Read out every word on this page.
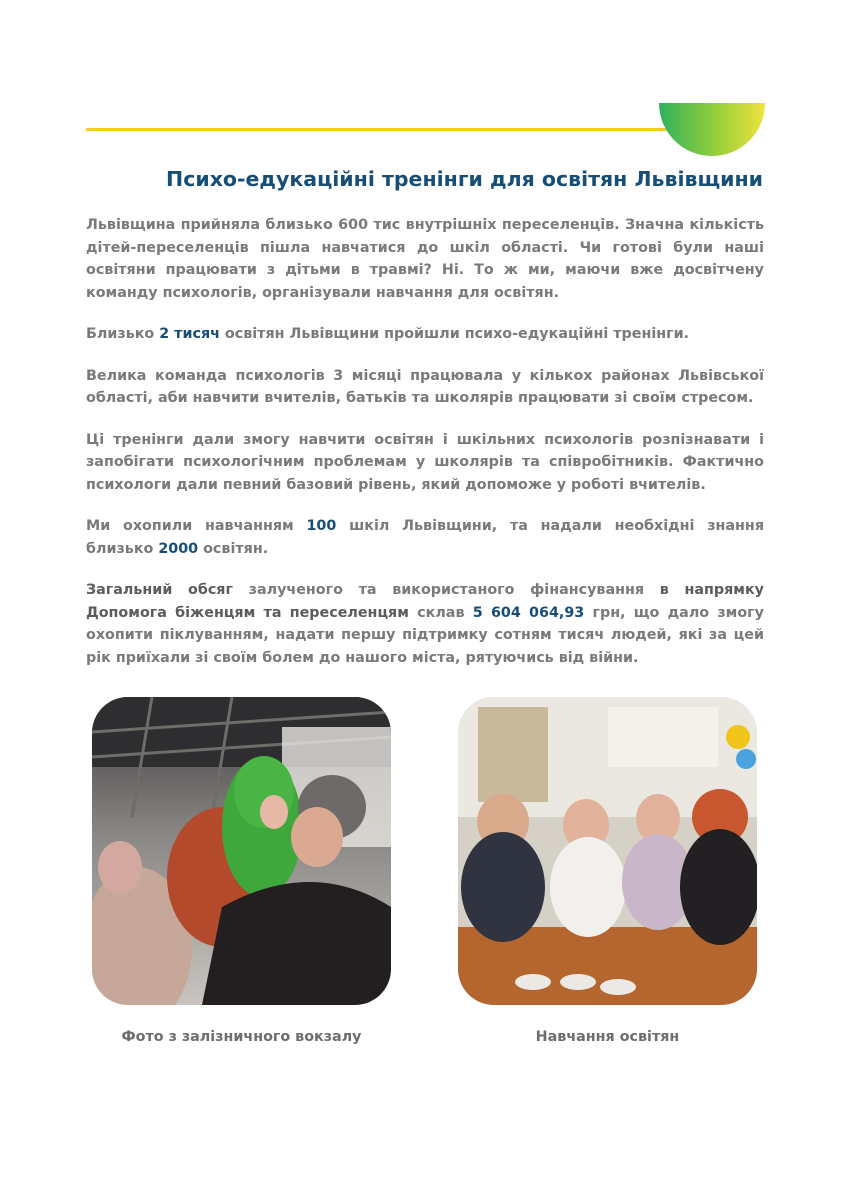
Психо-едукаційні тренінги для освітян Львівщини

Львівщина прийняла близько 600 тис внутрішніх переселенців. Значна кількість дітей-переселенців пішла навчатися до шкіл області. Чи готові були наші освітяни працювати з дітьми в травмі? Ні. То ж ми, маючи вже досвітчену команду психологів, організували навчання для освітян.

Близько 2 тисяч освітян Львівщини пройшли психо-едукаційні тренінги.

Велика команда психологів 3 місяці працювала у кількох районах Львівської області, аби навчити вчителів, батьків та школярів працювати зі своїм стресом.

Ці тренінги дали змогу навчити освітян і шкільних психологів розпізнавати і запобігати психологічним проблемам у школярів та співробітників. Фактично психологи дали певний базовий рівень, який допоможе у роботі вчителів.

Ми охопили навчанням 100 шкіл Львівщини, та надали необхідні знання близько 2000 освітян.

Загальний обсяг залученого та використаного фінансування в напрямку Допомога біженцям та переселенцям склав 5 604 064,93 грн, що дало змогу охопити піклуванням, надати першу підтримку сотням тисяч людей, які за цей рік приїхали зі своїм болем до нашого міста, рятуючись від війни.

Фото з залізничного вокзалу	Навчання освітян
